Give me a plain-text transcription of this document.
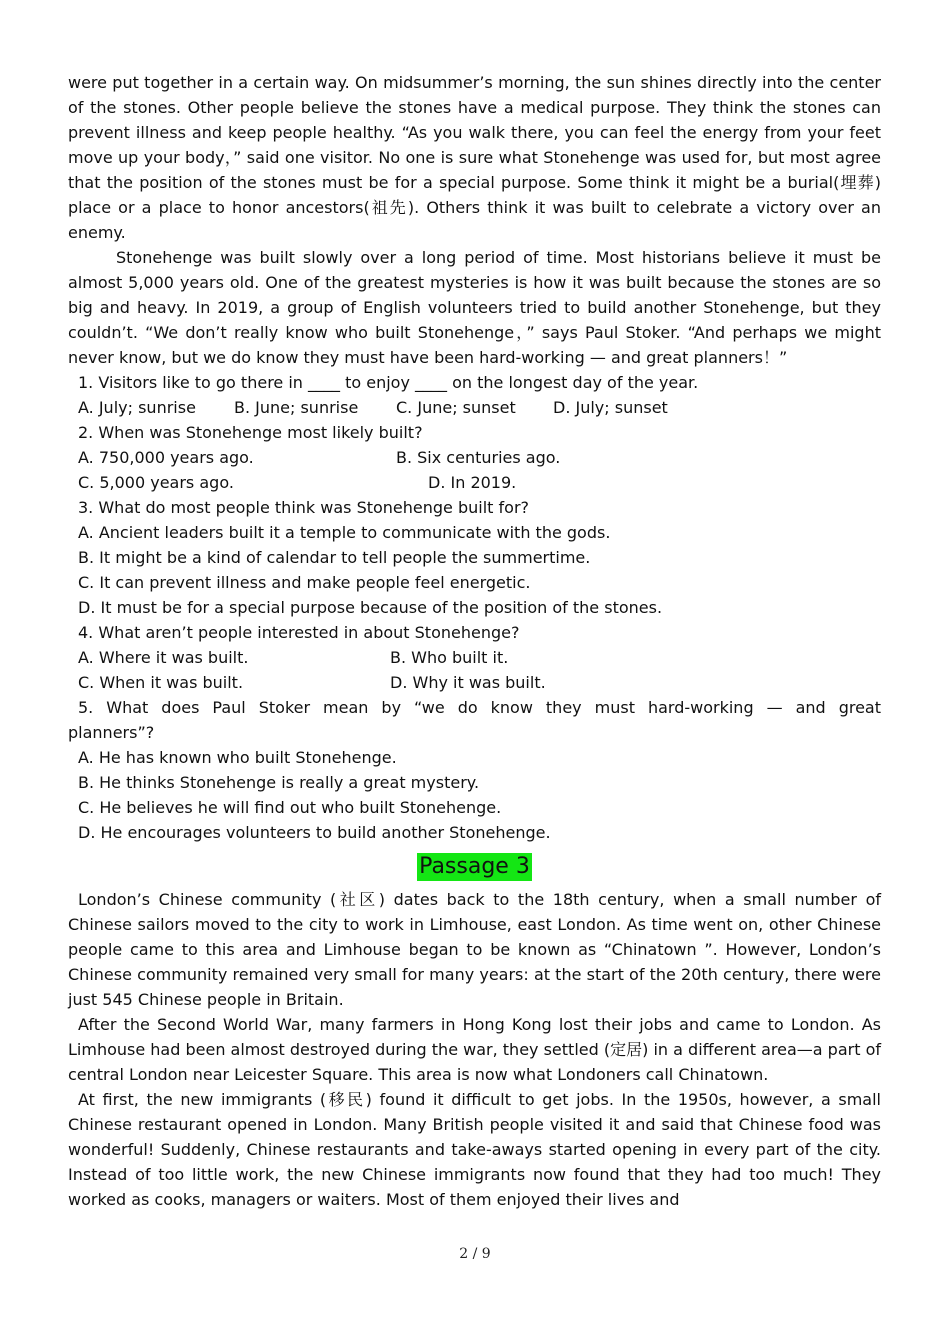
were put together in a certain way. On midsummer’s morning, the sun shines directly into the center of the stones. Other people believe the stones have a medical purpose. They think the stones can prevent illness and keep people healthy. “As you walk there, you can feel the energy from your feet move up your body，” said one visitor. No one is sure what Stonehenge was used for, but most agree that the position of the stones must be for a special purpose. Some think it might be a burial(埋葬) place or a place to honor ancestors(祖先). Others think it was built to celebrate a victory over an enemy.

Stonehenge was built slowly over a long period of time. Most historians believe it must be almost 5,000 years old. One of the greatest mysteries is how it was built because the stones are so big and heavy. In 2019, a group of English volunteers tried to build another Stonehenge, but they couldn’t. “We don’t really know who built Stonehenge，” says Paul Stoker. “And perhaps we might never know, but we do know they must have been hard-working — and great planners！”

1. Visitors like to go there in ____ to enjoy ____ on the longest day of the year.

A. July; sunrise	B. June; sunrise	C. June; sunset	D. July; sunset

2. When was Stonehenge most likely built?

A. 750,000 years ago.	B. Six centuries ago.
C. 5,000 years ago.	D. In 2019.

3. What do most people think was Stonehenge built for?

A. Ancient leaders built it a temple to communicate with the gods.

B. It might be a kind of calendar to tell people the summertime.

C. It can prevent illness and make people feel energetic.

D. It must be for a special purpose because of the position of the stones.

4. What aren’t people interested in about Stonehenge?

A. Where it was built.	B. Who built it.
C. When it was built.	D. Why it was built.

5. What does Paul Stoker mean by “we do know they must hard-working — and great planners”?

A. He has known who built Stonehenge.

B. He thinks Stonehenge is really a great mystery.

C. He believes he will find out who built Stonehenge.

D. He encourages volunteers to build another Stonehenge.

Passage 3

London’s Chinese community (社区) dates back to the 18th century, when a small number of Chinese sailors moved to the city to work in Limhouse, east London. As time went on, other Chinese people came to this area and Limhouse began to be known as “Chinatown ”. However, London’s Chinese community remained very small for many years: at the start of the 20th century, there were just 545 Chinese people in Britain.

After the Second World War, many farmers in Hong Kong lost their jobs and came to London. As Limhouse had been almost destroyed during the war, they settled (定居) in a different area—a part of central London near Leicester Square. This area is now what Londoners call Chinatown.

At first, the new immigrants (移民) found it difficult to get jobs. In the 1950s, however, a small Chinese restaurant opened in London. Many British people visited it and said that Chinese food was wonderful! Suddenly, Chinese restaurants and take-aways started opening in every part of the city. Instead of too little work, the new Chinese immigrants now found that they had too much! They worked as cooks, managers or waiters. Most of them enjoyed their lives and

2 / 9
